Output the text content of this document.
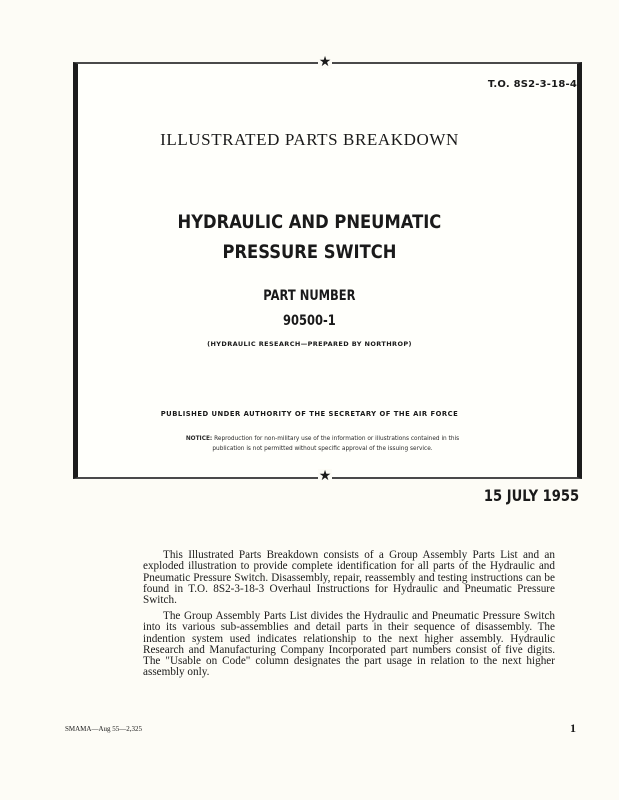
★
★
T.O. 8S2-3-18-4
ILLUSTRATED PARTS BREAKDOWN
HYDRAULIC AND PNEUMATIC
PRESSURE SWITCH
PART NUMBER
90500-1
(HYDRAULIC RESEARCH—PREPARED BY NORTHROP)
PUBLISHED UNDER AUTHORITY OF THE SECRETARY OF THE AIR FORCE
NOTICE: Reproduction for non-military use of the information or illustrations contained in this publication is not permitted without specific approval of the issuing service.
15 JULY 1955

This Illustrated Parts Breakdown consists of a Group Assembly Parts List and an exploded illustration to provide complete identification for all parts of the Hydraulic and Pneumatic Pressure Switch. Disassembly, repair, reassembly and testing instructions can be found in T.O. 8S2-3-18-3 Overhaul Instructions for Hydraulic and Pneumatic Pressure Switch.

The Group Assembly Parts List divides the Hydraulic and Pneumatic Pressure Switch into its various sub-assemblies and detail parts in their sequence of disassembly. The indention system used indicates relationship to the next higher assembly. Hydraulic Research and Manufacturing Company Incorporated part numbers consist of five digits. The "Usable on Code" column designates the part usage in relation to the next higher assembly only.

SMAMA—Aug 55—2,325	1
